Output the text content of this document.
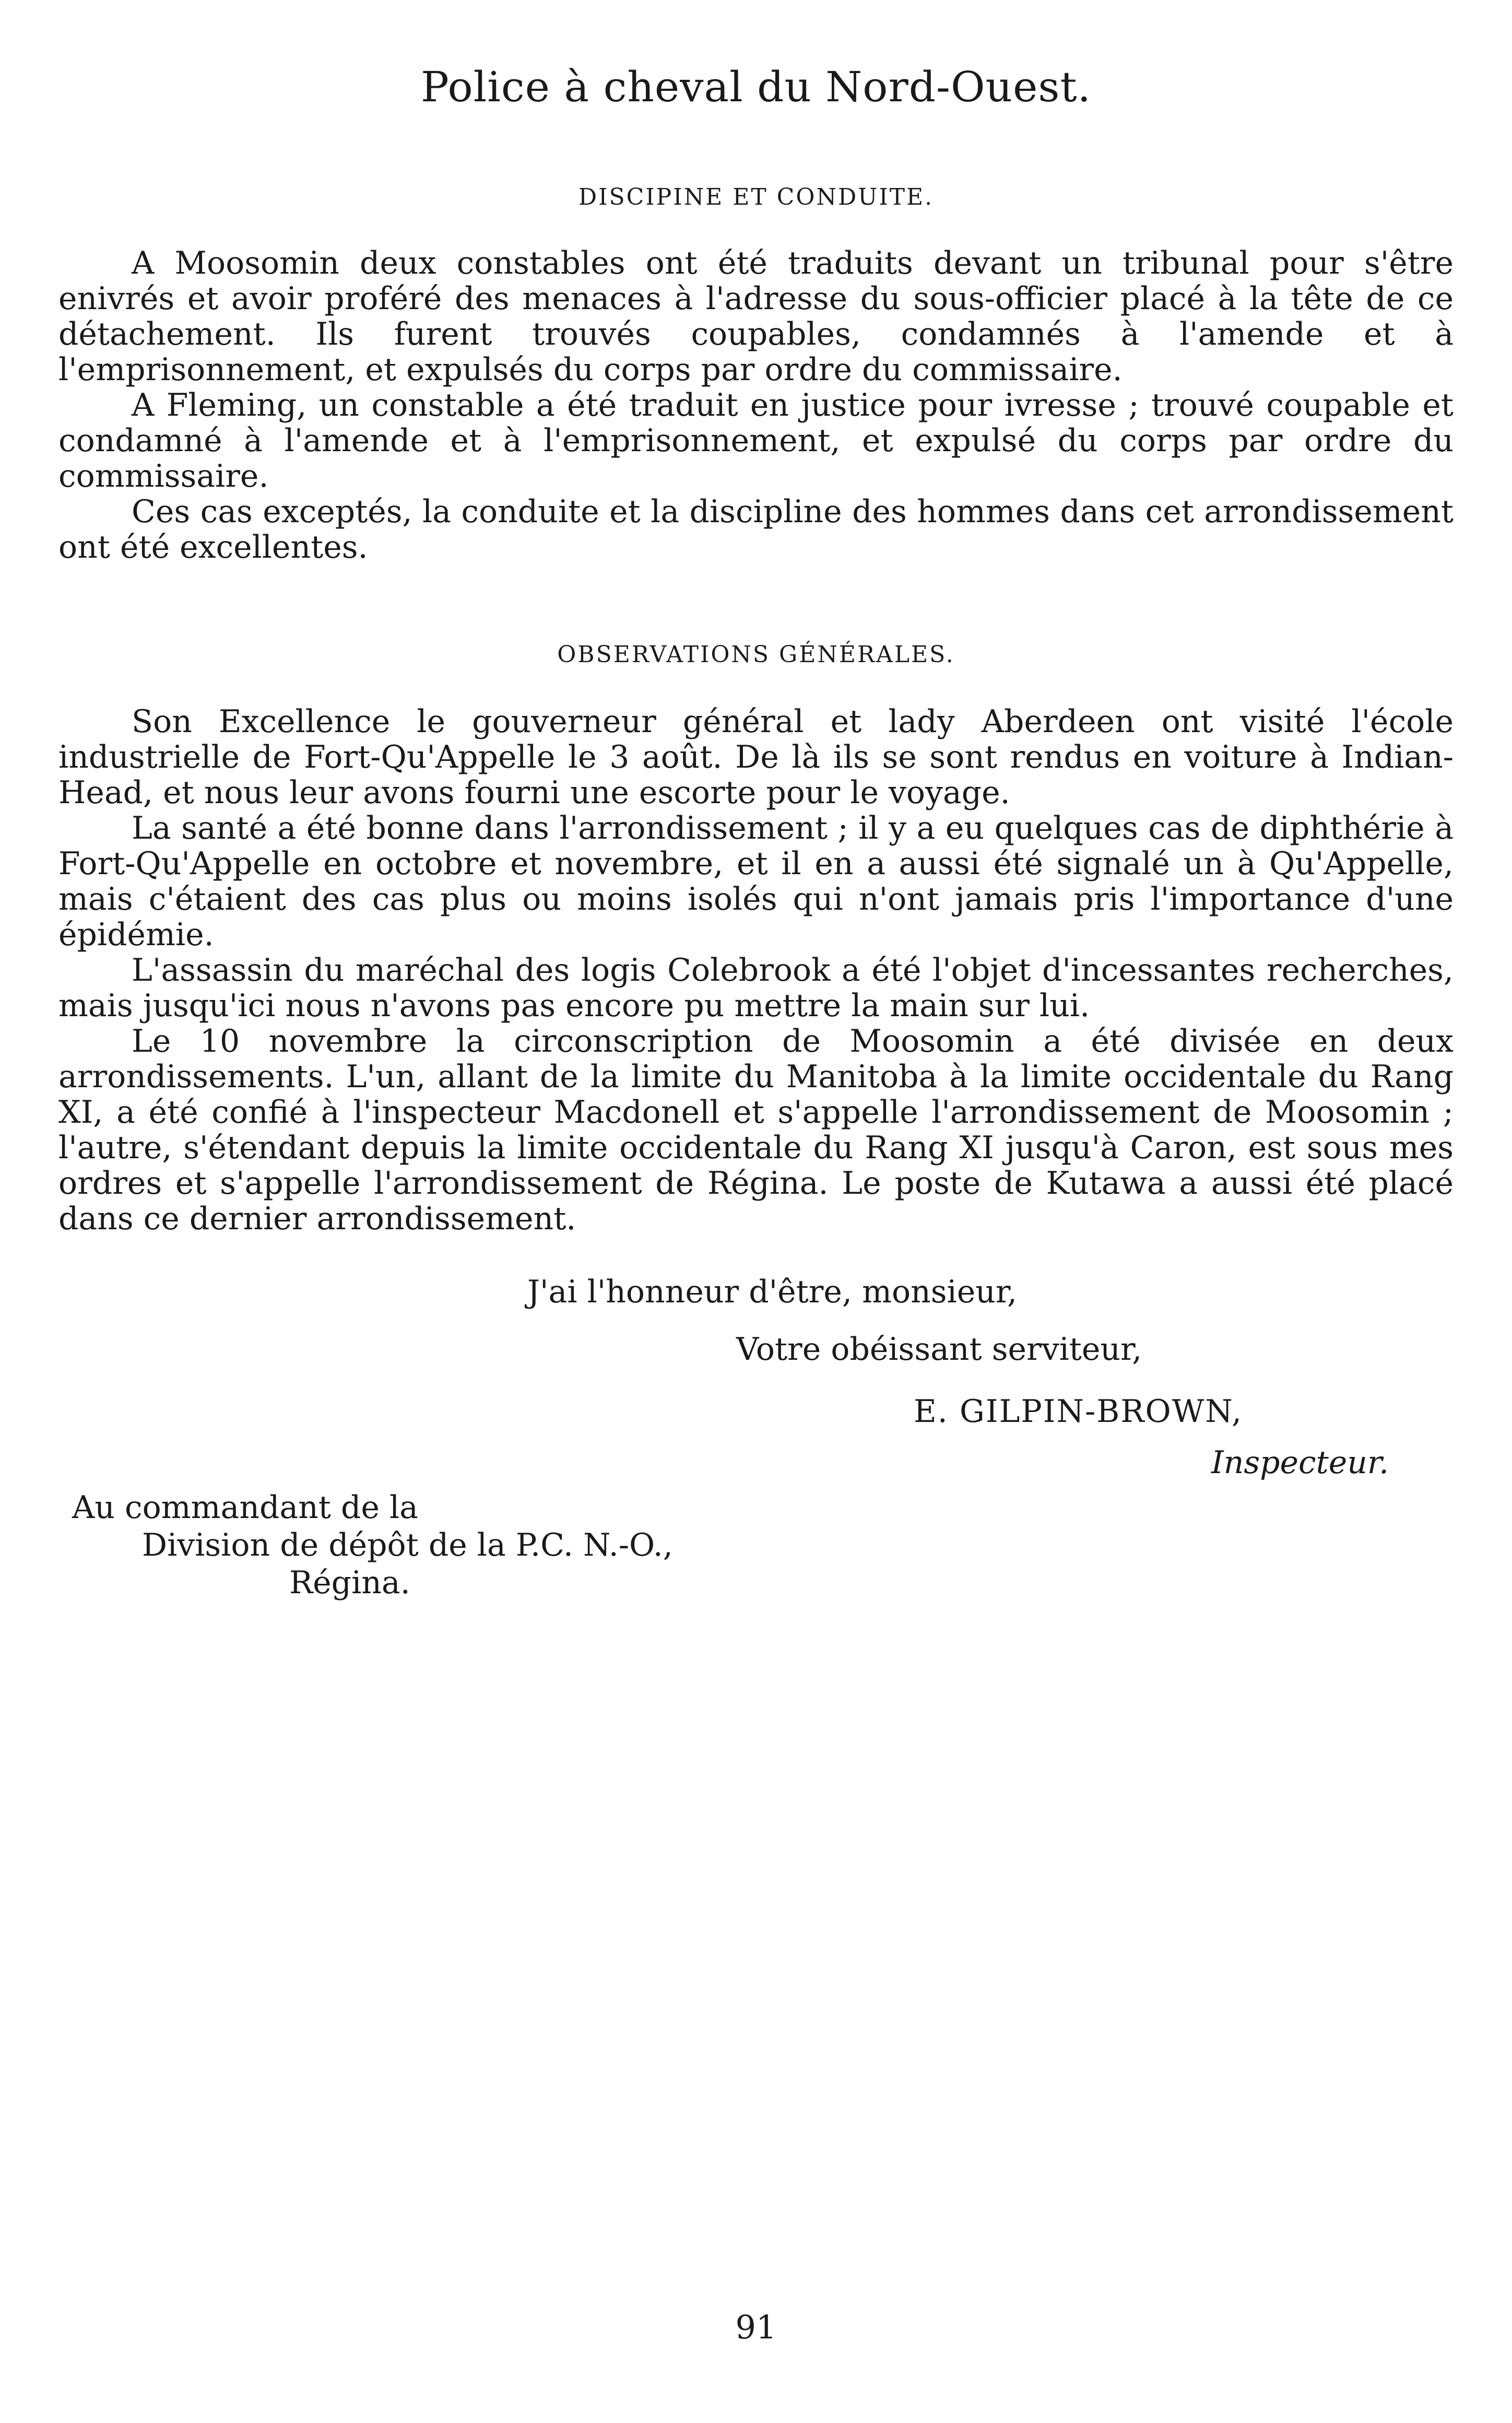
Police à cheval du Nord-Ouest.
DISCIPINE ET CONDUITE.

A Moosomin deux constables ont été traduits devant un tribunal pour s'être enivrés et avoir proféré des menaces à l'adresse du sous-officier placé à la tête de ce détachement. Ils furent trouvés coupables, condamnés à l'amende et à l'emprisonnement, et expulsés du corps par ordre du commissaire.

A Fleming, un constable a été traduit en justice pour ivresse ; trouvé coupable et condamné à l'amende et à l'emprisonnement, et expulsé du corps par ordre du commissaire.

Ces cas exceptés, la conduite et la discipline des hommes dans cet arrondissement ont été excellentes.

OBSERVATIONS GÉNÉRALES.

Son Excellence le gouverneur général et lady Aberdeen ont visité l'école industrielle de Fort-Qu'Appelle le 3 août. De là ils se sont rendus en voiture à Indian-Head, et nous leur avons fourni une escorte pour le voyage.

La santé a été bonne dans l'arrondissement ; il y a eu quelques cas de diphthérie à Fort-Qu'Appelle en octobre et novembre, et il en a aussi été signalé un à Qu'Appelle, mais c'étaient des cas plus ou moins isolés qui n'ont jamais pris l'importance d'une épidémie.

L'assassin du maréchal des logis Colebrook a été l'objet d'incessantes recherches, mais jusqu'ici nous n'avons pas encore pu mettre la main sur lui.

Le 10 novembre la circonscription de Moosomin a été divisée en deux arrondissements. L'un, allant de la limite du Manitoba à la limite occidentale du Rang XI, a été confié à l'inspecteur Macdonell et s'appelle l'arrondissement de Moosomin ; l'autre, s'étendant depuis la limite occidentale du Rang XI jusqu'à Caron, est sous mes ordres et s'appelle l'arrondissement de Régina. Le poste de Kutawa a aussi été placé dans ce dernier arrondissement.

J'ai l'honneur d'être, monsieur,
Votre obéissant serviteur,
E. GILPIN-BROWN,
Inspecteur.
Au commandant de la
Division de dépôt de la P.C. N.-O.,
Régina.
91
